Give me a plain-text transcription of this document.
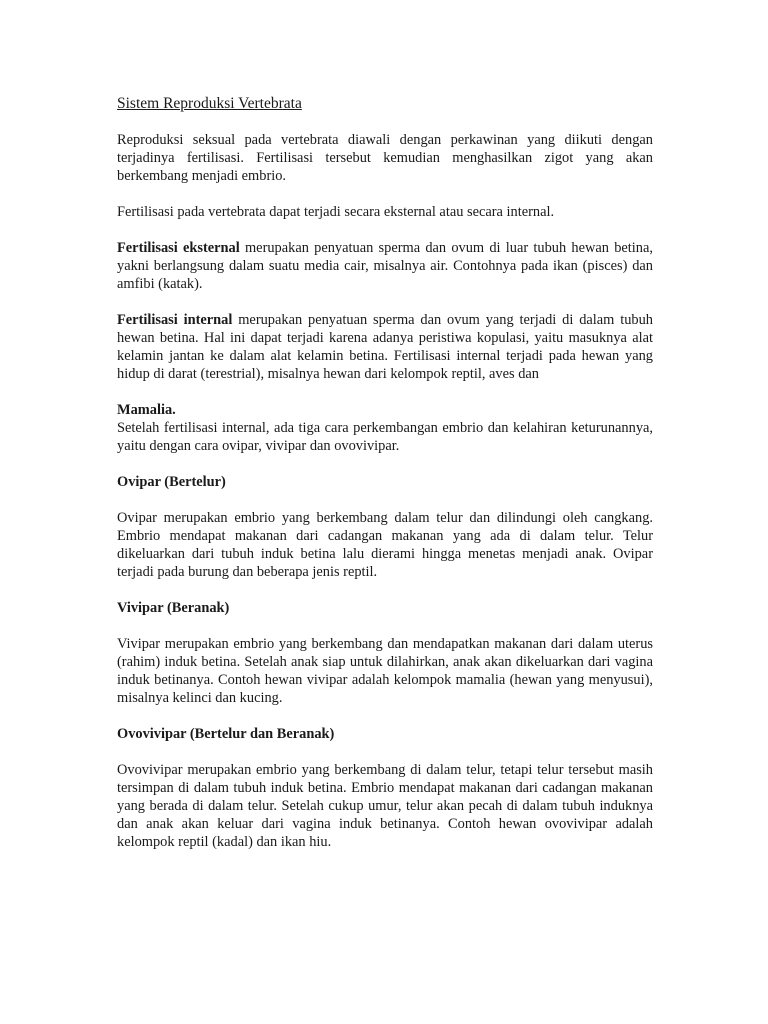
Sistem Reproduksi Vertebrata

Reproduksi seksual pada vertebrata diawali dengan perkawinan yang diikuti dengan terjadinya fertilisasi. Fertilisasi tersebut kemudian menghasilkan zigot yang akan berkembang menjadi embrio.

Fertilisasi pada vertebrata dapat terjadi secara eksternal atau secara internal.

Fertilisasi eksternal merupakan penyatuan sperma dan ovum di luar tubuh hewan betina, yakni berlangsung dalam suatu media cair, misalnya air. Contohnya pada ikan (pisces) dan amfibi (katak).

Fertilisasi internal merupakan penyatuan sperma dan ovum yang terjadi di dalam tubuh hewan betina. Hal ini dapat terjadi karena adanya peristiwa kopulasi, yaitu masuknya alat kelamin jantan ke dalam alat kelamin betina. Fertilisasi internal terjadi pada hewan yang hidup di darat (terestrial), misalnya hewan dari kelompok reptil, aves dan

Mamalia.

Setelah fertilisasi internal, ada tiga cara perkembangan embrio dan kelahiran keturunannya, yaitu dengan cara ovipar, vivipar dan ovovivipar.

Ovipar (Bertelur)

Ovipar merupakan embrio yang berkembang dalam telur dan dilindungi oleh cangkang. Embrio mendapat makanan dari cadangan makanan yang ada di dalam telur. Telur dikeluarkan dari tubuh induk betina lalu dierami hingga menetas menjadi anak. Ovipar terjadi pada burung dan beberapa jenis reptil.

Vivipar (Beranak)

Vivipar merupakan embrio yang berkembang dan mendapatkan makanan dari dalam uterus (rahim) induk betina. Setelah anak siap untuk dilahirkan, anak akan dikeluarkan dari vagina induk betinanya. Contoh hewan vivipar adalah kelompok mamalia (hewan yang menyusui), misalnya kelinci dan kucing.

Ovovivipar (Bertelur dan Beranak)

Ovovivipar merupakan embrio yang berkembang di dalam telur, tetapi telur tersebut masih tersimpan di dalam tubuh induk betina. Embrio mendapat makanan dari cadangan makanan yang berada di dalam telur. Setelah cukup umur, telur akan pecah di dalam tubuh induknya dan anak akan keluar dari vagina induk betinanya. Contoh hewan ovovivipar adalah kelompok reptil (kadal) dan ikan hiu.
